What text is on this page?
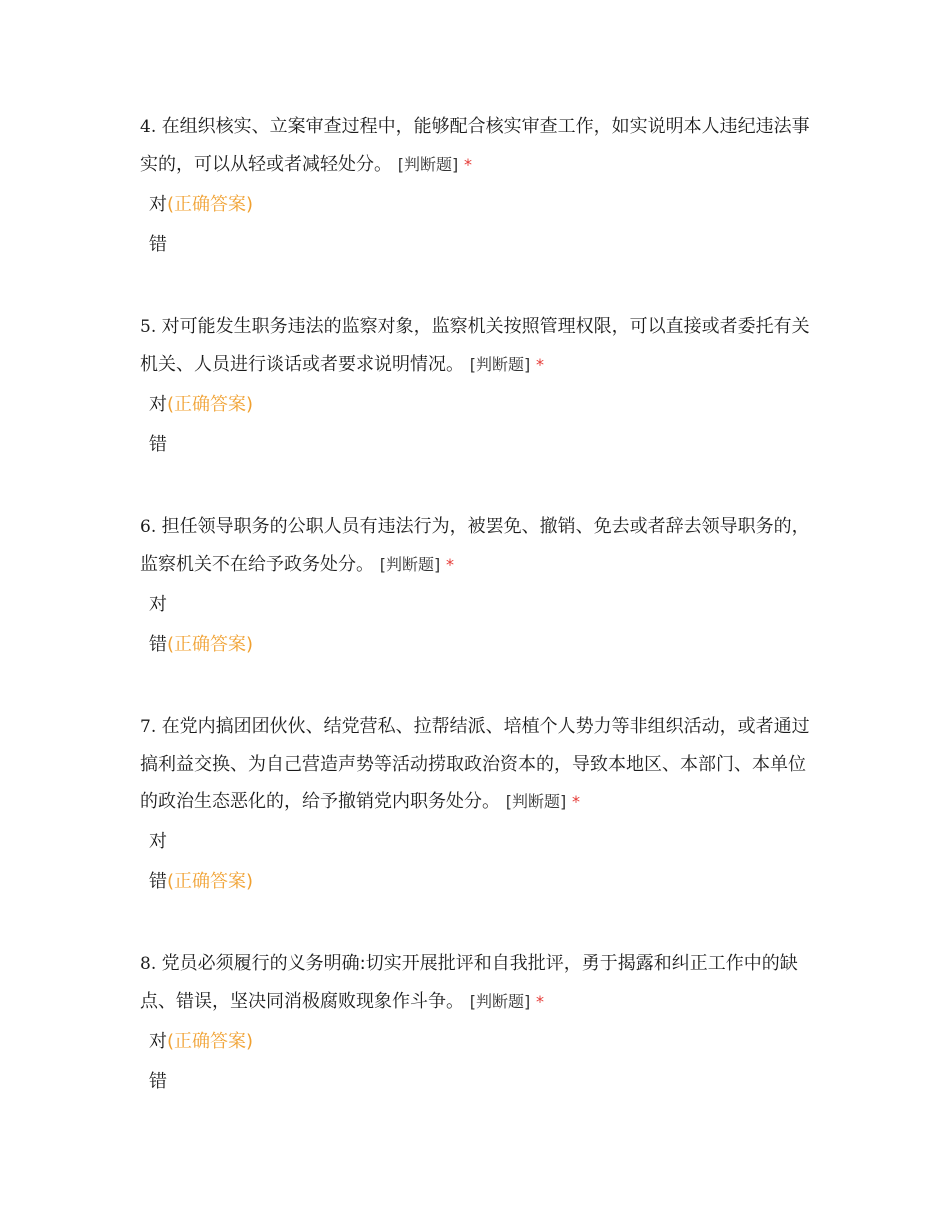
4. 在组织核实、立案审查过程中，能够配合核实审查工作，如实说明本人违纪违法事实的，可以从轻或者减轻处分。 [判断题] *

对(正确答案)
错

5. 对可能发生职务违法的监察对象，监察机关按照管理权限，可以直接或者委托有关机关、人员进行谈话或者要求说明情况。 [判断题] *

对(正确答案)
错

6. 担任领导职务的公职人员有违法行为，被罢免、撤销、免去或者辞去领导职务的，监察机关不在给予政务处分。 [判断题] *

对
错(正确答案)

7. 在党内搞团团伙伙、结党营私、拉帮结派、培植个人势力等非组织活动，或者通过搞利益交换、为自己营造声势等活动捞取政治资本的，导致本地区、本部门、本单位的政治生态恶化的，给予撤销党内职务处分。 [判断题] *

对
错(正确答案)

8. 党员必须履行的义务明确:切实开展批评和自我批评，勇于揭露和纠正工作中的缺点、错误，坚决同消极腐败现象作斗争。 [判断题] *

对(正确答案)
错
